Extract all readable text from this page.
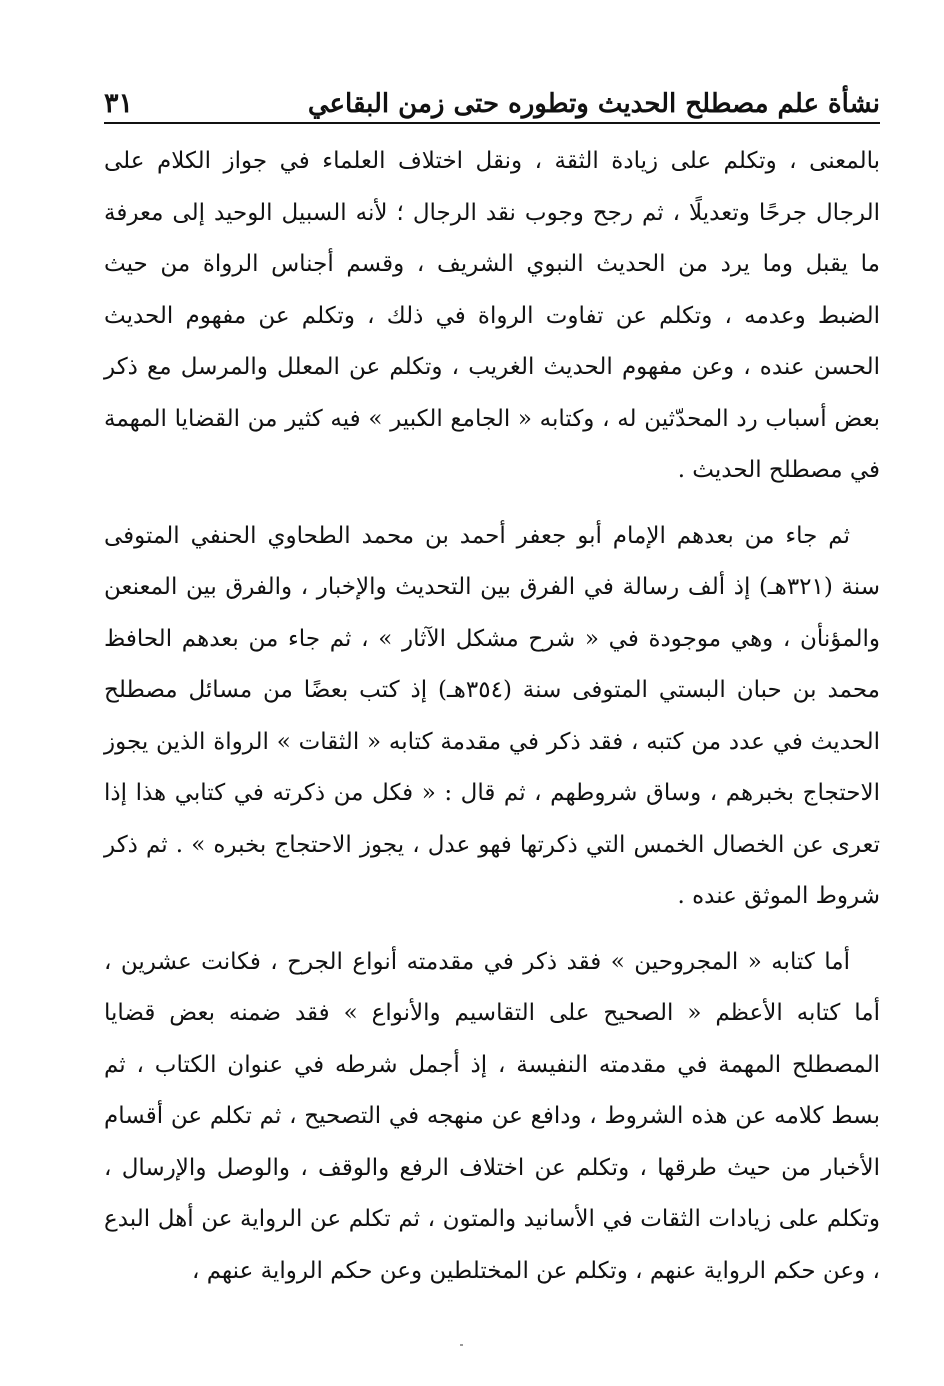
نشأة علم مصطلح الحديث وتطوره حتى زمن البقاعي
٣١

بالمعنى ، وتكلم على زيادة الثقة ، ونقل اختلاف العلماء في جواز الكلام على الرجال جرحًا وتعديلًا ، ثم رجح وجوب نقد الرجال ؛ لأنه السبيل الوحيد إلى معرفة ما يقبل وما يرد من الحديث النبوي الشريف ، وقسم أجناس الرواة من حيث الضبط وعدمه ، وتكلم عن تفاوت الرواة في ذلك ، وتكلم عن مفهوم الحديث الحسن عنده ، وعن مفهوم الحديث الغريب ، وتكلم عن المعلل والمرسل مع ذكر بعض أسباب رد المحدّثين له ، وكتابه « الجامع الكبير » فيه كثير من القضايا المهمة في مصطلح الحديث .

ثم جاء من بعدهم الإمام أبو جعفر أحمد بن محمد الطحاوي الحنفي المتوفى سنة (٣٢١هـ) إذ ألف رسالة في الفرق بين التحديث والإخبار ، والفرق بين المعنعن والمؤنأن ، وهي موجودة في « شرح مشكل الآثار » ، ثم جاء من بعدهم الحافظ محمد بن حبان البستي المتوفى سنة (٣٥٤هـ) إذ كتب بعضًا من مسائل مصطلح الحديث في عدد من كتبه ، فقد ذكر في مقدمة كتابه « الثقات » الرواة الذين يجوز الاحتجاج بخبرهم ، وساق شروطهم ، ثم قال : « فكل من ذكرته في كتابي هذا إذا تعرى عن الخصال الخمس التي ذكرتها فهو عدل ، يجوز الاحتجاج بخبره » . ثم ذكر شروط الموثق عنده .

أما كتابه « المجروحين » فقد ذكر في مقدمته أنواع الجرح ، فكانت عشرين ، أما كتابه الأعظم « الصحيح على التقاسيم والأنواع » فقد ضمنه بعض قضايا المصطلح المهمة في مقدمته النفيسة ، إذ أجمل شرطه في عنوان الكتاب ، ثم بسط كلامه عن هذه الشروط ، ودافع عن منهجه في التصحيح ، ثم تكلم عن أقسام الأخبار من حيث طرقها ، وتكلم عن اختلاف الرفع والوقف ، والوصل والإرسال ، وتكلم على زيادات الثقات في الأسانيد والمتون ، ثم تكلم عن الرواية عن أهل البدع ، وعن حكم الرواية عنهم ، وتكلم عن المختلطين وعن حكم الرواية عنهم ،
